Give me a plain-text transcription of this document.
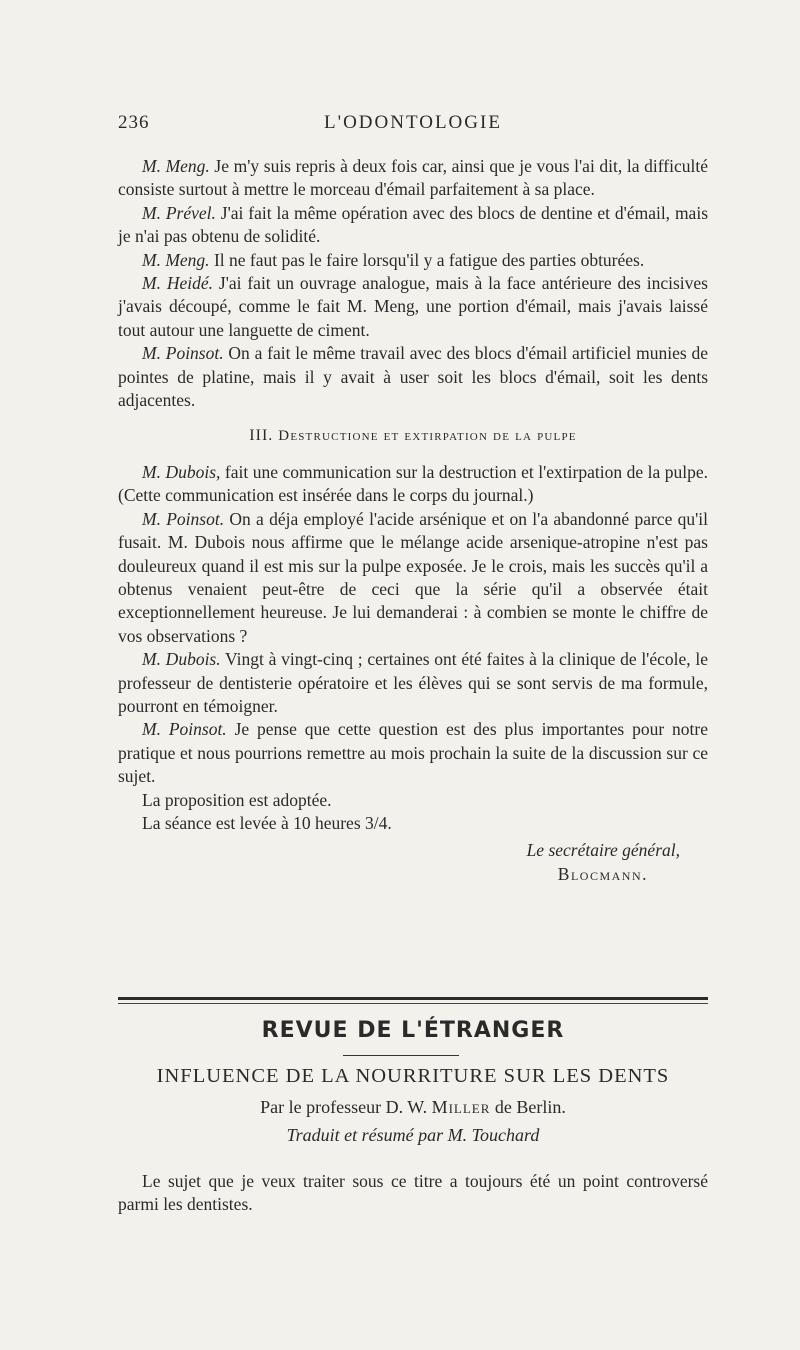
236	L'ODONTOLOGIE

M. Meng. Je m'y suis repris à deux fois car, ainsi que je vous l'ai dit, la difficulté consiste surtout à mettre le morceau d'émail parfaitement à sa place.

M. Prével. J'ai fait la même opération avec des blocs de dentine et d'émail, mais je n'ai pas obtenu de solidité.

M. Meng. Il ne faut pas le faire lorsqu'il y a fatigue des parties obturées.

M. Heidé. J'ai fait un ouvrage analogue, mais à la face antérieure des incisives j'avais découpé, comme le fait M. Meng, une portion d'émail, mais j'avais laissé tout autour une languette de ciment.

M. Poinsot. On a fait le même travail avec des blocs d'émail artificiel munies de pointes de platine, mais il y avait à user soit les blocs d'émail, soit les dents adjacentes.

III. Destructione et extirpation de la pulpe

M. Dubois, fait une communication sur la destruction et l'extirpation de la pulpe. (Cette communication est insérée dans le corps du journal.)

M. Poinsot. On a déja employé l'acide arsénique et on l'a abandonné parce qu'il fusait. M. Dubois nous affirme que le mélange acide arsenique-atropine n'est pas douleureux quand il est mis sur la pulpe exposée. Je le crois, mais les succès qu'il a obtenus venaient peut-être de ceci que la série qu'il a observée était exceptionnellement heureuse. Je lui demanderai : à combien se monte le chiffre de vos observations ?

M. Dubois. Vingt à vingt-cinq ; certaines ont été faites à la clinique de l'école, le professeur de dentisterie opératoire et les élèves qui se sont servis de ma formule, pourront en témoigner.

M. Poinsot. Je pense que cette question est des plus importantes pour notre pratique et nous pourrions remettre au mois prochain la suite de la discussion sur ce sujet.

La proposition est adoptée.

La séance est levée à 10 heures 3/4.

Le secrétaire général,
Blocmann.
REVUE DE L'ÉTRANGER
INFLUENCE DE LA NOURRITURE SUR LES DENTS
Par le professeur D. W. Miller de Berlin.
Traduit et résumé par M. Touchard

Le sujet que je veux traiter sous ce titre a toujours été un point controversé parmi les dentistes.
